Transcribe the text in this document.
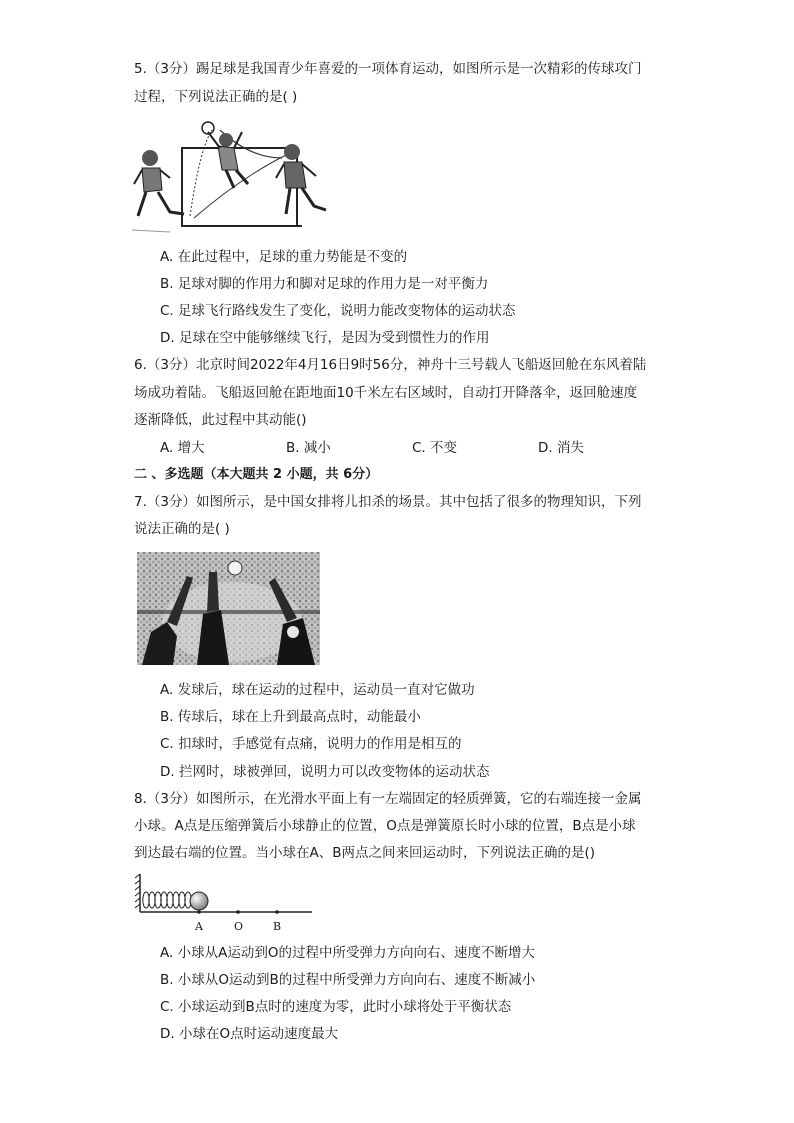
5.（3分）踢足球是我国青少年喜爱的一项体育运动，如图所示是一次精彩的传球攻门
过程，下列说法正确的是( )
A. 在此过程中，足球的重力势能是不变的
B. 足球对脚的作用力和脚对足球的作用力是一对平衡力
C. 足球飞行路线发生了变化，说明力能改变物体的运动状态
D. 足球在空中能够继续飞行，是因为受到惯性力的作用
6.（3分）北京时间2022年4月16日9时56分，神舟十三号载人飞船返回舱在东风着陆
场成功着陆。飞船返回舱在距地面10千米左右区域时，自动打开降落伞，返回舱速度
逐渐降低，此过程中其动能()
A. 增大	B. 减小	C. 不变	D. 消失
二 、多选题（本大题共 2 小题，共 6分）
7.（3分）如图所示，是中国女排将儿扣杀的场景。其中包括了很多的物理知识，下列
说法正确的是( )
A. 发球后，球在运动的过程中，运动员一直对它做功
B. 传球后，球在上升到最高点时，动能最小
C. 扣球时，手感觉有点痛，说明力的作用是相互的
D. 拦网时，球被弹回，说明力可以改变物体的运动状态
8.（3分）如图所示，在光滑水平面上有一左端固定的轻质弹簧，它的右端连接一金属
小球。A点是压缩弹簧后小球静止的位置，O点是弹簧原长时小球的位置，B点是小球
到达最右端的位置。当小球在A、B两点之间来回运动时，下列说法正确的是()
A	O	B
A. 小球从A运动到O的过程中所受弹力方向向右、速度不断增大
B. 小球从O运动到B的过程中所受弹力方向向右、速度不断减小
C. 小球运动到B点时的速度为零，此时小球将处于平衡状态
D. 小球在O点时运动速度最大
